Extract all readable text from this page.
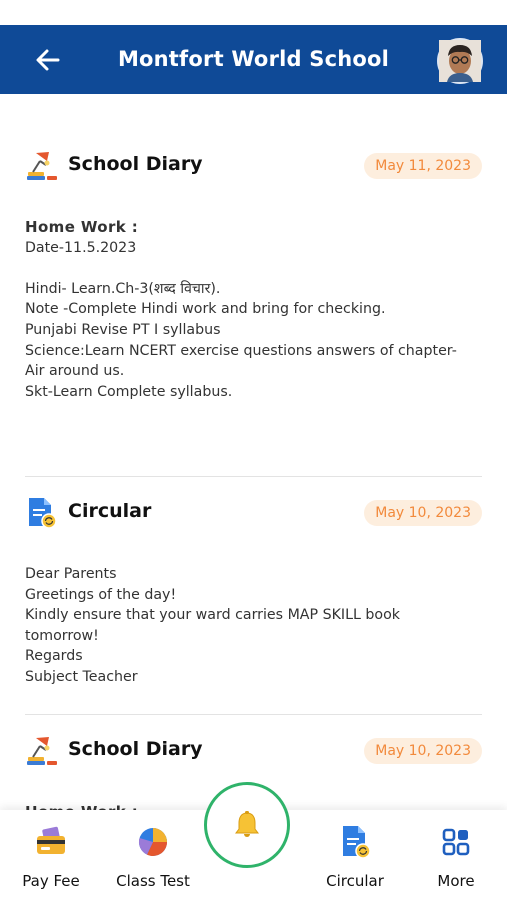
Montfort World School
School Diary	May 11, 2023
Home Work :
Date-11.5.2023

Hindi- Learn.Ch-3(शब्द विचार).
Note -Complete Hindi work and bring for checking.
Punjabi Revise PT I syllabus
Science:Learn NCERT exercise questions answers of chapter-
Air around us.
Skt-Learn Complete syllabus.
Circular	May 10, 2023
Dear Parents
Greetings of the day!
Kindly ensure that your ward carries MAP SKILL book
tomorrow!
Regards
Subject Teacher
School Diary	May 10, 2023
Pay Fee	Class Test	Circular	More
